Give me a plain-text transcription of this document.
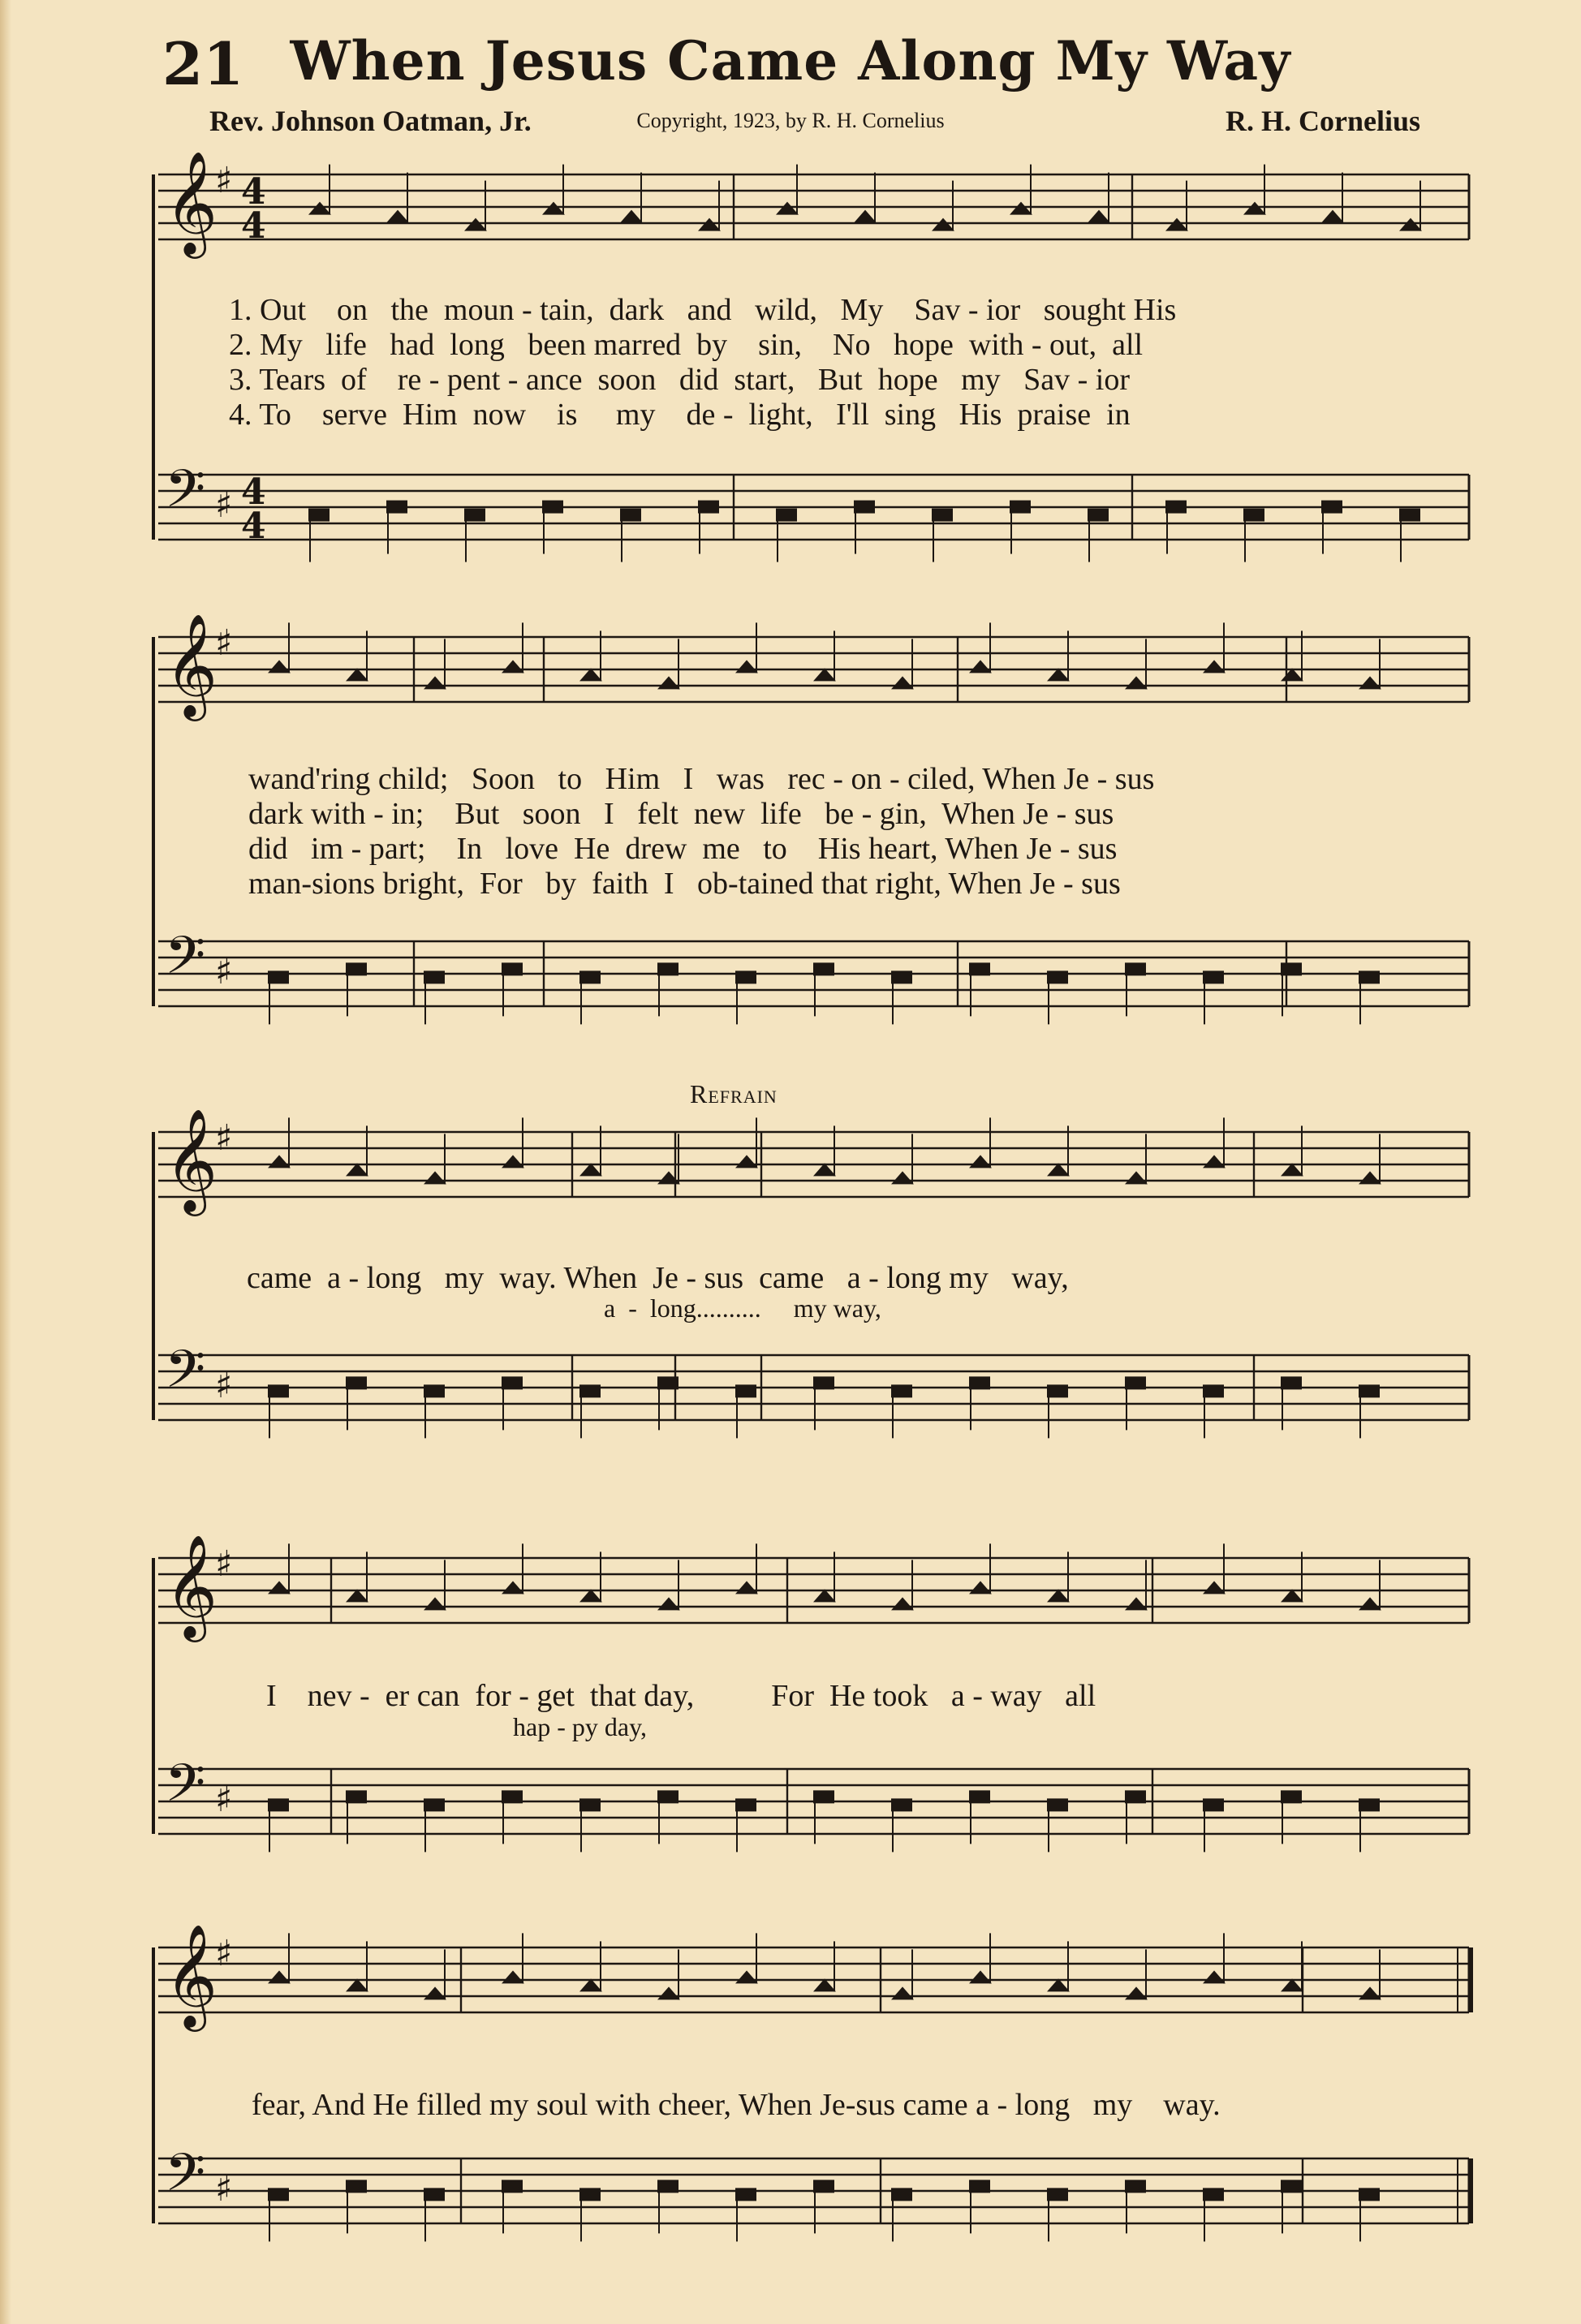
21 When Jesus Came Along My Way
Rev. Johnson Oatman, Jr.	Copyright, 1923, by R. H. Cornelius	R. H. Cornelius
Refrain
𝄞
♯ 4
4
𝄢 ♯ 4
4
𝄞
♯
𝄢 ♯
𝄞
♯
𝄢 ♯
𝄞
♯
𝄢 ♯
𝄞
♯
𝄢 ♯
1. Out    on   the  moun - tain,  dark   and   wild,   My    Sav - ior   sought His
2. My   life   had  long   been marred  by    sin,    No   hope  with - out,  all
3. Tears  of    re - pent - ance  soon   did  start,   But  hope   my   Sav - ior
4. To    serve  Him  now    is     my    de -  light,   I'll  sing   His  praise  in
wand'ring child;   Soon   to   Him   I   was   rec - on - ciled, When Je - sus
dark with - in;    But   soon   I   felt  new  life   be - gin,  When Je - sus
did   im - part;    In   love  He  drew  me   to    His heart, When Je - sus
man-sions bright,  For   by  faith  I   ob-tained that right, When Je - sus
came  a - long   my  way. When  Je - sus  came   a - long my   way,
a  -  long..........     my way,
I    nev -  er can  for - get  that day,          For  He took   a - way   all
hap - py day,
fear, And He filled my soul with cheer, When Je-sus came a - long   my    way.
